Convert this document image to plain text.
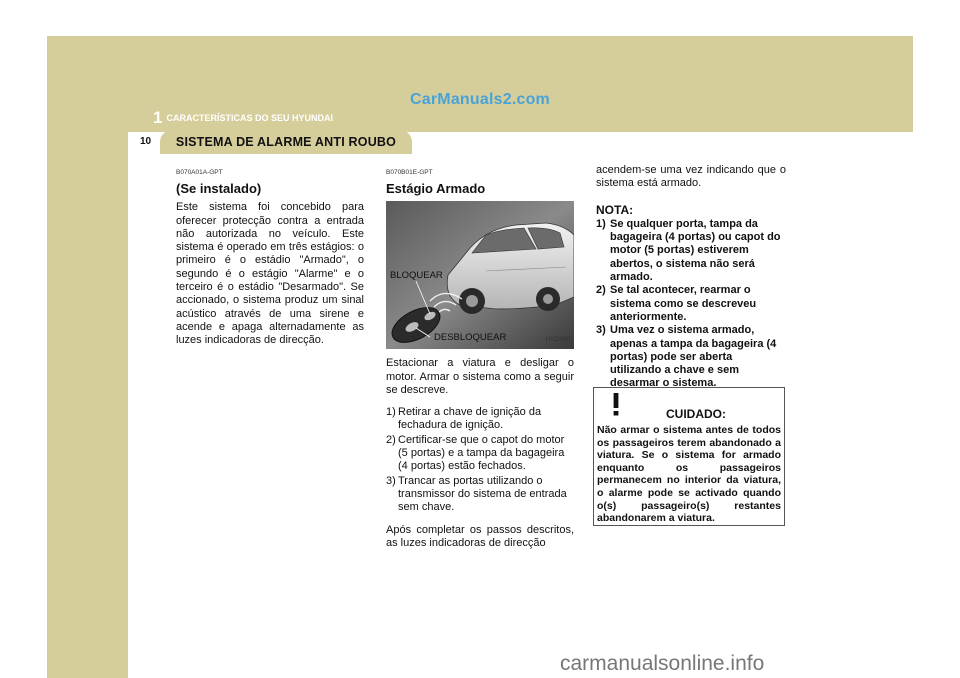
CarManuals2.com
1 CARACTERÍSTICAS DO SEU HYUNDAI
SISTEMA DE ALARME ANTI ROUBO
10
B070A01A-GPT
(Se instalado)

Este sistema foi concebido para oferecer protecção contra a entrada não autorizada no veículo. Este sistema é operado em três estágios: o primeiro é o estádio "Armado", o segundo é o estágio "Alarme" e o terceiro é o estádio "Desarmado". Se accionado, o sistema produz um sinal acústico através de uma sirene e acende e apaga alternadamente as luzes indicadoras de direcção.

B070B01E-GPT
Estágio Armado
BLOQUEAR
DESBLOQUEAR	HXD200

Estacionar a viatura e desligar o motor. Armar o sistema como a seguir se descreve.

1) Retirar a chave de ignição da fechadura de ignição.
2) Certificar-se que o capot do motor (5 portas) e a tampa da bagageira (4 portas) estão fechados.
3) Trancar as portas utilizando o transmissor do sistema de entrada sem chave.

Após completar os passos descritos, as luzes indicadoras de direcção

acendem-se uma vez indicando que o sistema está armado.

NOTA:
1) Se qualquer porta, tampa da bagageira (4 portas) ou capot do motor (5 portas) estiverem abertos, o sistema não será armado.
2) Se tal acontecer, rearmar o sistema como se descreveu anteriormente.
3) Uma vez o sistema armado, apenas a tampa da bagageira (4 portas) pode ser aberta utilizando a chave e sem desarmar o sistema.
CUIDADO:
Não armar o sistema antes de todos os passageiros terem abandonado a viatura. Se o sistema for armado enquanto os passageiros permanecem no interior da viatura, o alarme pode se activado quando o(s) passageiro(s) restantes abandonarem a viatura.
carmanualsonline.info
